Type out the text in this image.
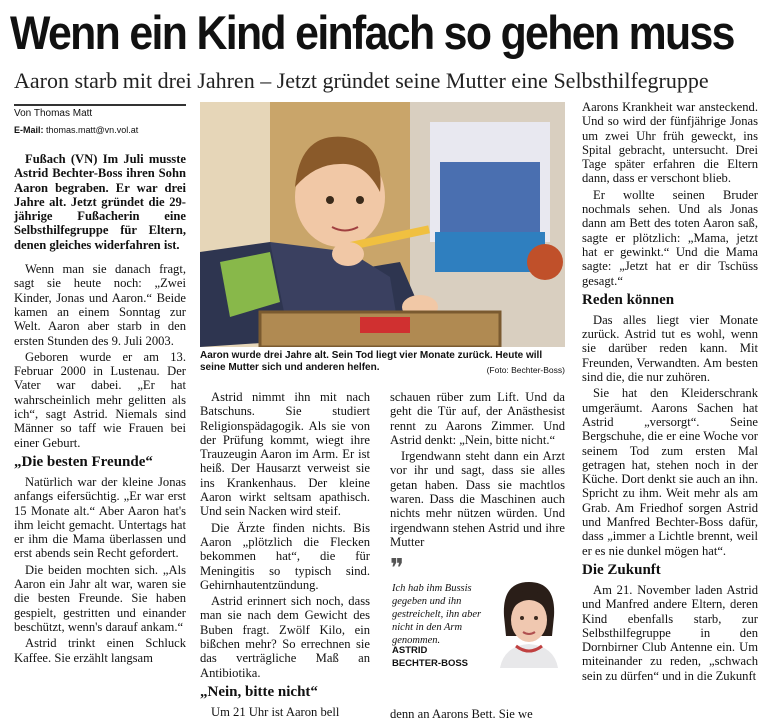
Wenn ein Kind einfach so gehen muss
Aaron starb mit drei Jahren – Jetzt gründet seine Mutter eine Selbsthilfegruppe
Von Thomas Matt
E-Mail: thomas.matt@vn.vol.at

Fußach (VN) Im Juli musste Astrid Bechter-Boss ihren Sohn Aaron begraben. Er war drei Jahre alt. Jetzt gründet die 29-jährige Fußacherin eine Selbsthilfegruppe für Eltern, denen gleiches widerfahren ist.

Wenn man sie danach fragt, sagt sie heute noch: „Zwei Kinder, Jonas und Aaron.“ Beide kamen an einem Sonntag zur Welt. Aaron aber starb in den ersten Stunden des 9. Juli 2003.

Geboren wurde er am 13. Februar 2000 in Lustenau. Der Vater war dabei. „Er hat wahrscheinlich mehr gelitten als ich“, sagt Astrid. Niemals sind Männer so taff wie Frauen bei einer Geburt.

„Die besten Freunde“

Natürlich war der kleine Jonas anfangs eifersüchtig. „Er war erst 15 Monate alt.“ Aber Aaron hat's ihm leicht gemacht. Untertags hat er ihm die Mama überlassen und erst abends sein Recht gefordert.

Die beiden mochten sich. „Als Aaron ein Jahr alt war, waren sie die besten Freunde. Sie haben gespielt, gestritten und einander beschützt, wenn's darauf ankam.“

Astrid trinkt einen Schluck Kaffee. Sie erzählt langsam

Aaron wurde drei Jahre alt. Sein Tod liegt vier Monate zurück. Heute will seine Mutter sich und anderen helfen.	(Foto: Bechter-Boss)

Astrid nimmt ihn mit nach Batschuns. Sie studiert Religionspädagogik. Als sie von der Prüfung kommt, wiegt ihre Trauzeugin Aaron im Arm. Er ist heiß. Der Hausarzt verweist sie ins Krankenhaus. Der kleine Aaron wirkt seltsam apathisch. Und sein Nacken wird steif.

Die Ärzte finden nichts. Bis Aaron „plötzlich die Flecken bekommen hat“, die für Meningitis so typisch sind. Gehirnhautentzündung.

Astrid erinnert sich noch, dass man sie nach dem Gewicht des Buben fragt. Zwölf Kilo, ein bißchen mehr? So errechnen sie das verträgliche Maß an Antibiotika.

„Nein, bitte nicht“

Um 21 Uhr ist Aaron bell

schauen rüber zum Lift. Und da geht die Tür auf, der Anästhesist rennt zu Aarons Zimmer. Und Astrid denkt: „Nein, bitte nicht.“

Irgendwann steht dann ein Arzt vor ihr und sagt, dass sie alles getan haben. Dass sie machtlos waren. Dass die Maschinen auch nichts mehr nützen würden. Und irgendwann stehen Astrid und ihre Mutter

❞
Ich hab ihm Bussis gegeben und ihn gestreichelt, ihn aber nicht in den Arm genommen.
ASTRID
BECHTER-BOSS

denn an Aarons Bett. Sie we

Aarons Krankheit war ansteckend. Und so wird der fünfjährige Jonas um zwei Uhr früh geweckt, ins Spital gebracht, untersucht. Drei Tage später erfahren die Eltern dann, dass er verschont blieb.

Er wollte seinen Bruder nochmals sehen. Und als Jonas dann am Bett des toten Aaron saß, sagte er plötzlich: „Mama, jetzt hat er gewinkt.“ Und die Mama sagte: „Jetzt hat er dir Tschüss gesagt.“

Reden können

Das alles liegt vier Monate zurück. Astrid tut es wohl, wenn sie darüber reden kann. Mit Freunden, Verwandten. Am besten sind die, die nur zuhören.

Sie hat den Kleiderschrank umgeräumt. Aarons Sachen hat Astrid „versorgt“. Seine Bergschuhe, die er eine Woche vor seinem Tod zum ersten Mal getragen hat, stehen noch in der Küche. Dort denkt sie auch an ihn. Spricht zu ihm. Weit mehr als am Grab. Am Friedhof sorgen Astrid und Manfred Bechter-Boss dafür, dass „immer a Lichtle brennt, weil er es nie dunkel mögen hat“.

Die Zukunft

Am 21. November laden Astrid und Manfred andere Eltern, deren Kind ebenfalls starb, zur Selbsthilfegruppe in den Dornbirner Club Antenne ein. Um miteinander zu reden, „schwach sein zu dürfen“ und in die Zukunft
